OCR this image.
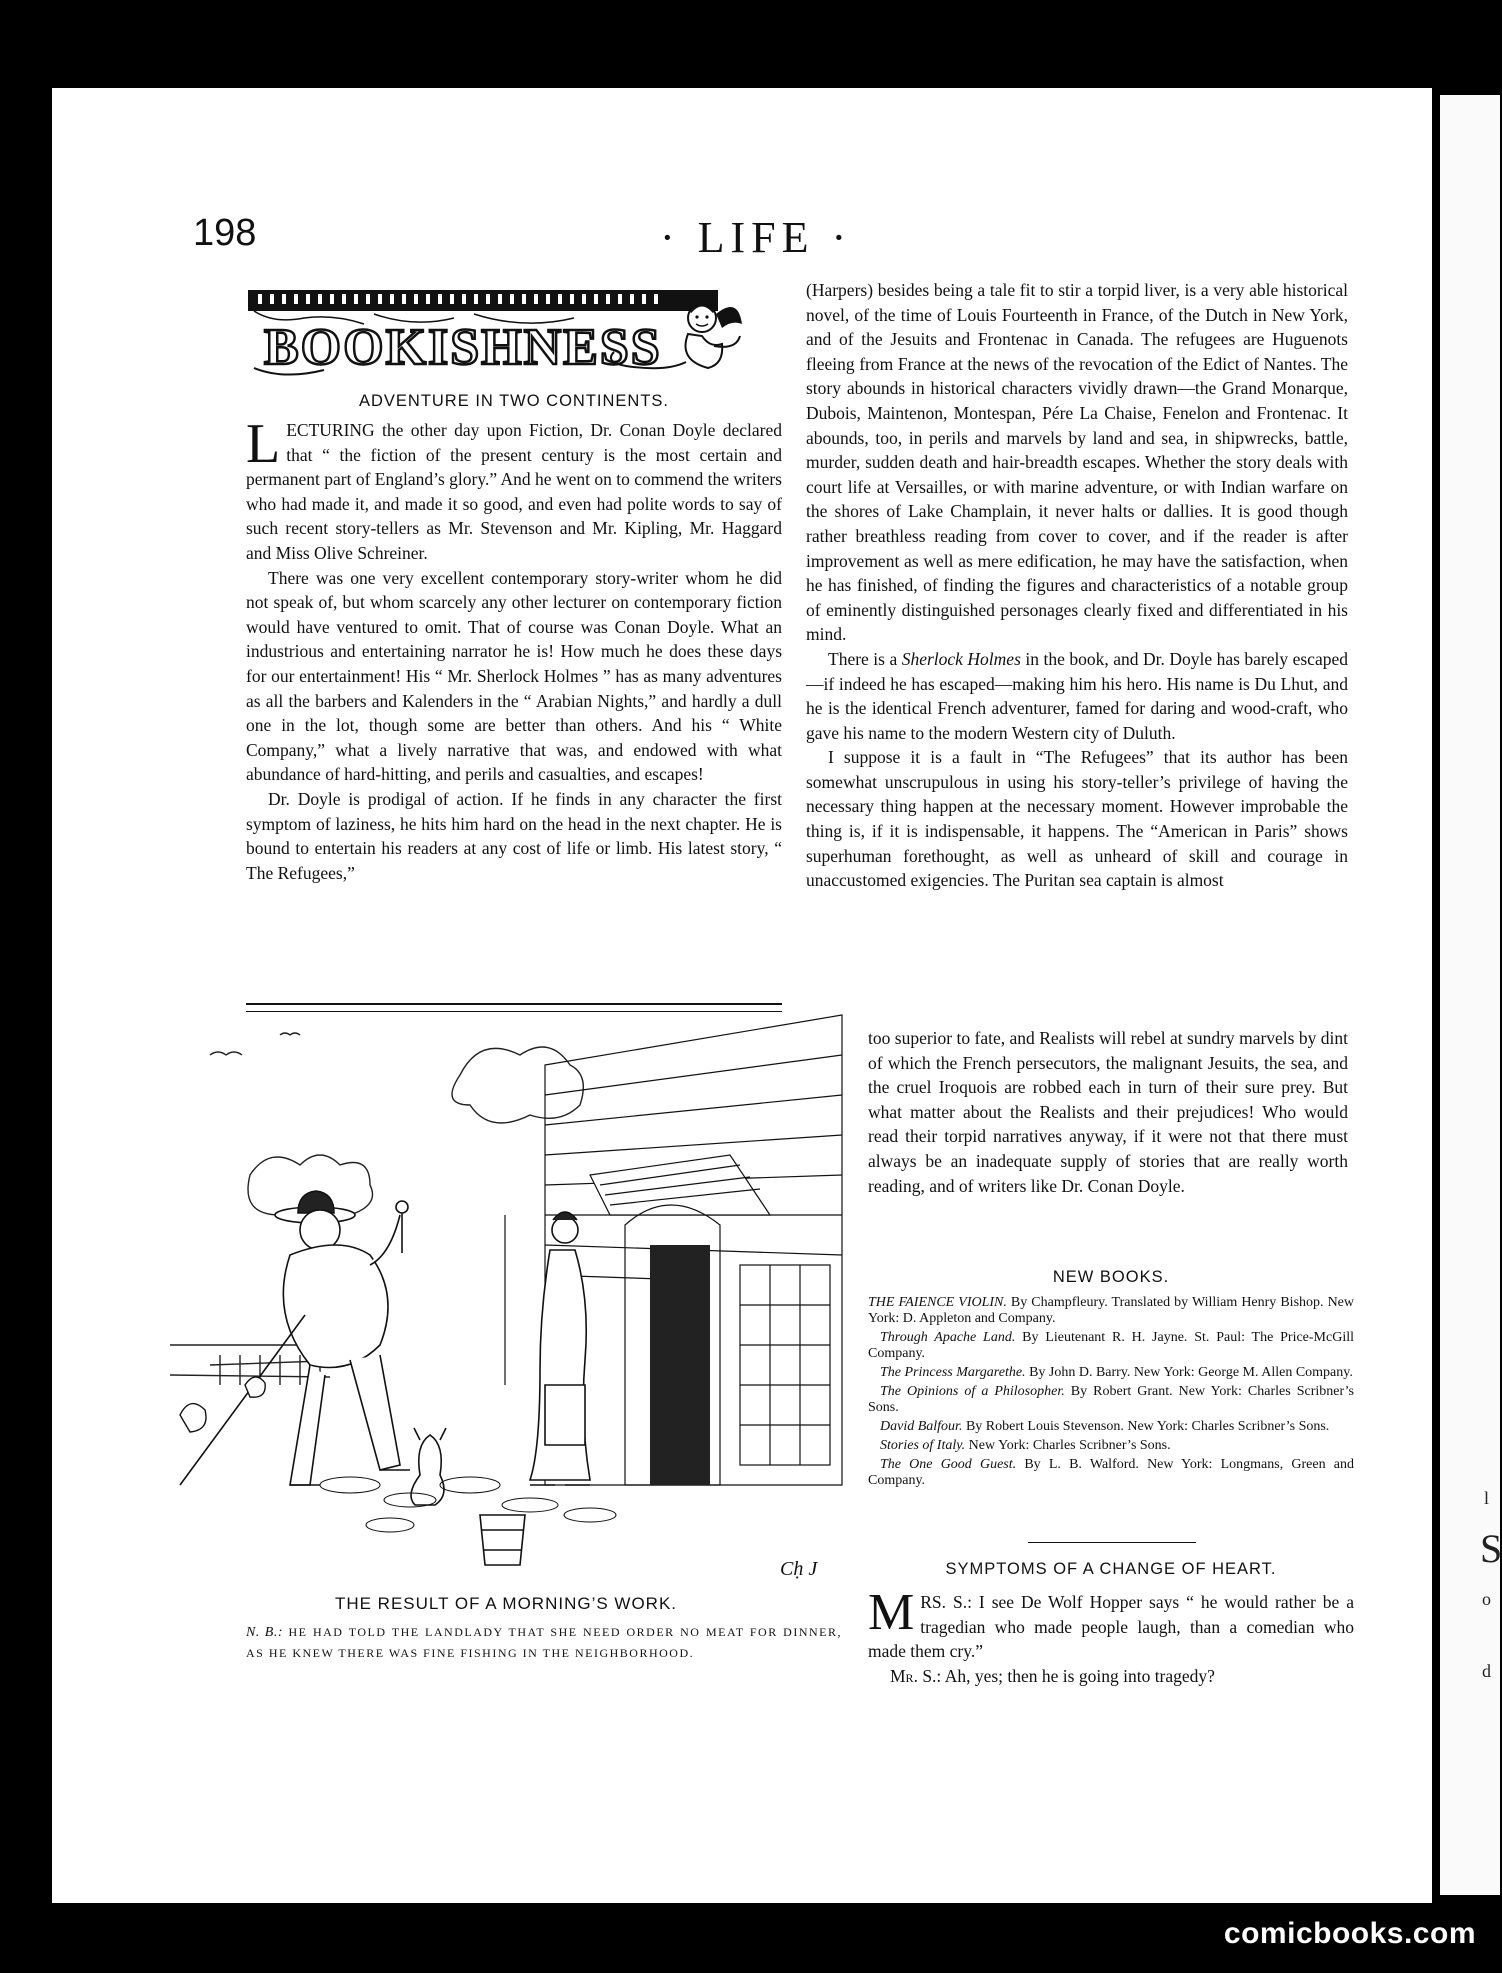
l
S
o
d
198	· LIFE ·
BOOKISHNESS
ADVENTURE IN TWO CONTINENTS.

LECTURING the other day upon Fiction, Dr. Conan Doyle declared that “ the fiction of the present century is the most certain and permanent part of England’s glory.” And he went on to commend the writers who had made it, and made it so good, and even had polite words to say of such recent story-tellers as Mr. Stevenson and Mr. Kipling, Mr. Haggard and Miss Olive Schreiner.

There was one very excellent contemporary story-writer whom he did not speak of, but whom scarcely any other lecturer on contemporary fiction would have ventured to omit. That of course was Conan Doyle. What an industrious and entertaining narrator he is! How much he does these days for our entertainment! His “ Mr. Sherlock Holmes ” has as many adventures as all the barbers and Kalenders in the “ Arabian Nights,” and hardly a dull one in the lot, though some are better than others. And his “ White Company,” what a lively narrative that was, and endowed with what abundance of hard-hitting, and perils and casualties, and escapes!

Dr. Doyle is prodigal of action. If he finds in any character the first symptom of laziness, he hits him hard on the head in the next chapter. He is bound to entertain his readers at any cost of life or limb. His latest story, “ The Refugees,”

(Harpers) besides being a tale fit to stir a torpid liver, is a very able historical novel, of the time of Louis Fourteenth in France, of the Dutch in New York, and of the Jesuits and Frontenac in Canada. The refugees are Huguenots fleeing from France at the news of the revocation of the Edict of Nantes. The story abounds in historical characters vividly drawn—the Grand Monarque, Dubois, Maintenon, Montespan, Pére La Chaise, Fenelon and Frontenac. It abounds, too, in perils and marvels by land and sea, in shipwrecks, battle, murder, sudden death and hair-breadth escapes. Whether the story deals with court life at Versailles, or with marine adventure, or with Indian warfare on the shores of Lake Champlain, it never halts or dallies. It is good though rather breathless reading from cover to cover, and if the reader is after improvement as well as mere edification, he may have the satisfaction, when he has finished, of finding the figures and characteristics of a notable group of eminently distinguished personages clearly fixed and differentiated in his mind.

There is a Sherlock Holmes in the book, and Dr. Doyle has barely escaped—if indeed he has escaped—making him his hero. His name is Du Lhut, and he is the identical French adventurer, famed for daring and wood-craft, who gave his name to the modern Western city of Duluth.

I suppose it is a fault in “The Refugees” that its author has been somewhat unscrupulous in using his story-teller’s privilege of having the necessary thing happen at the necessary moment. However improbable the thing is, if it is indispensable, it happens. The “American in Paris” shows superhuman forethought, as well as unheard of skill and courage in unaccustomed exigencies. The Puritan sea captain is almost

too superior to fate, and Realists will rebel at sundry marvels by dint of which the French persecutors, the malignant Jesuits, the sea, and the cruel Iroquois are robbed each in turn of their sure prey. But what matter about the Realists and their prejudices! Who would read their torpid narratives anyway, if it were not that there must always be an inadequate supply of stories that are really worth reading, and of writers like Dr. Conan Doyle.

Cḥ J
THE RESULT OF A MORNING’S WORK.
N. B.: HE HAD TOLD THE LANDLADY THAT SHE NEED ORDER NO MEAT FOR DINNER, AS HE KNEW THERE WAS FINE FISHING IN THE NEIGHBORHOOD.
NEW BOOKS.

THE FAIENCE VIOLIN. By Champfleury. Translated by William Henry Bishop. New York: D. Appleton and Company.

Through Apache Land. By Lieutenant R. H. Jayne. St. Paul: The Price-McGill Company.

The Princess Margarethe. By John D. Barry. New York: George M. Allen Company.

The Opinions of a Philosopher. By Robert Grant. New York: Charles Scribner’s Sons.

David Balfour. By Robert Louis Stevenson. New York: Charles Scribner’s Sons.

Stories of Italy. New York: Charles Scribner’s Sons.

The One Good Guest. By L. B. Walford. New York: Longmans, Green and Company.

SYMPTOMS OF A CHANGE OF HEART.

MRS. S.: I see De Wolf Hopper says “ he would rather be a tragedian who made people laugh, than a comedian who made them cry.”

Mr. S.: Ah, yes; then he is going into tragedy?

comicbooks.com
